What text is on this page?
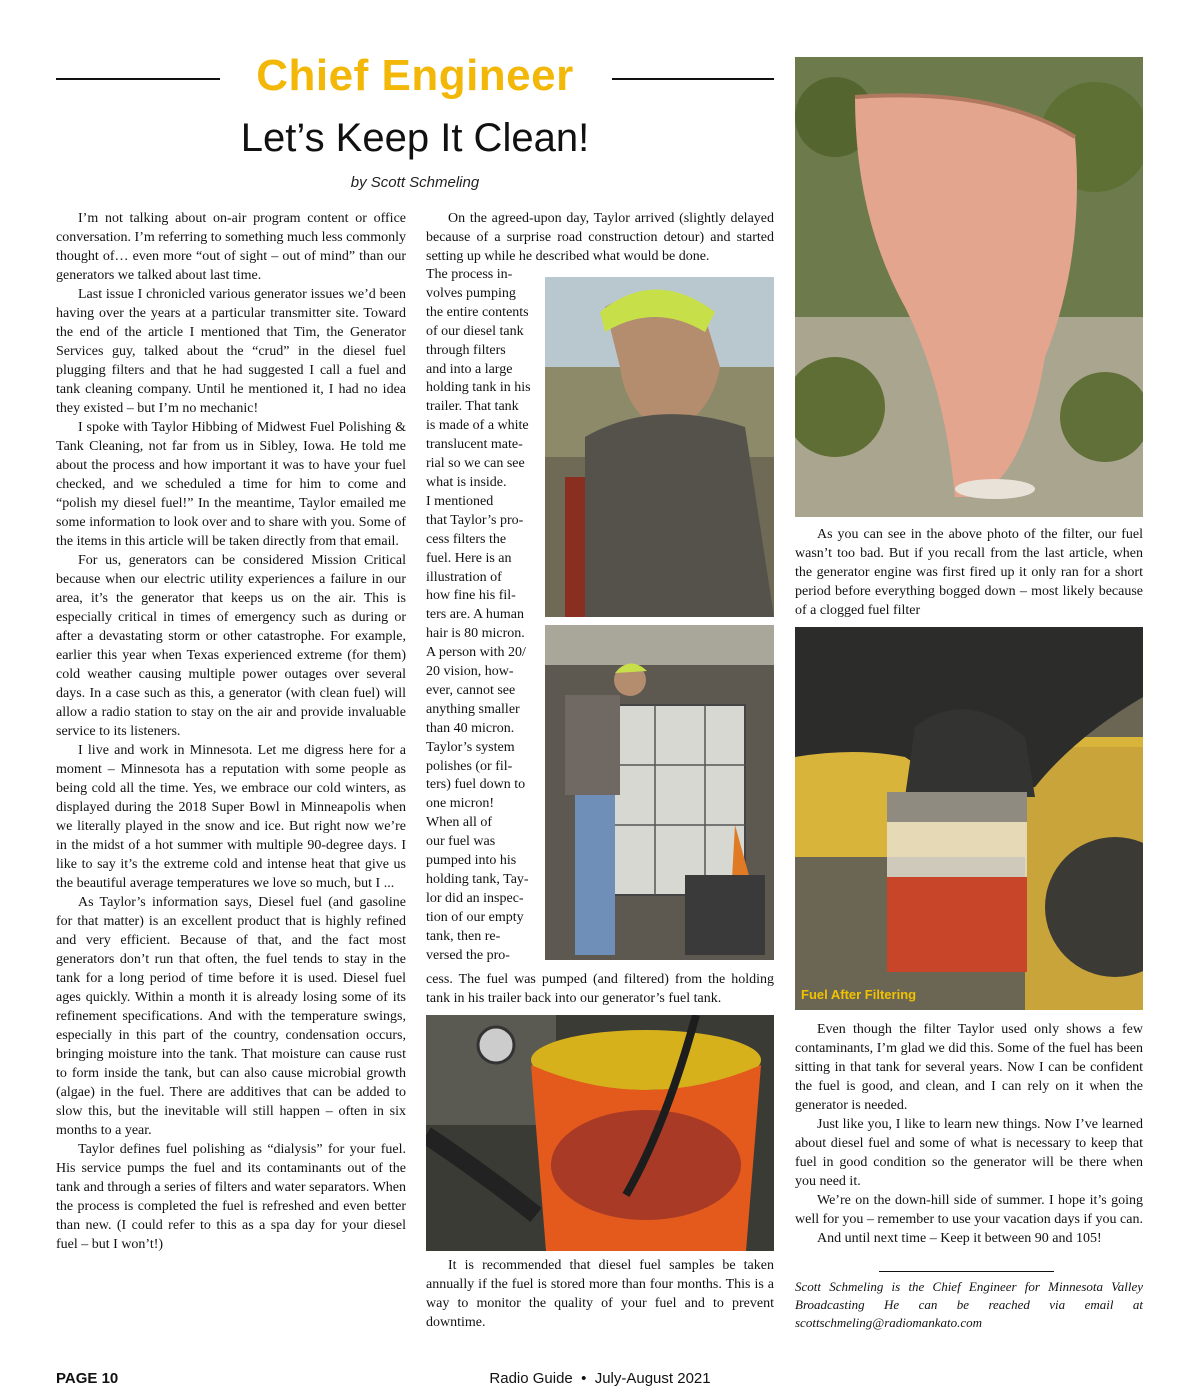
Chief Engineer
Let’s Keep It Clean!
by Scott Schmeling

I’m not talking about on-air program content or office conversation. I’m referring to something much less commonly thought of… even more “out of sight – out of mind” than our generators we talked about last time.

Last issue I chronicled various generator issues we’d been having over the years at a particular transmitter site. Toward the end of the article I mentioned that Tim, the Generator Services guy, talked about the “crud” in the diesel fuel plugging filters and that he had suggested I call a fuel and tank cleaning company. Until he mentioned it, I had no idea they existed – but I’m no mechanic!

I spoke with Taylor Hibbing of Midwest Fuel Polishing & Tank Cleaning, not far from us in Sibley, Iowa. He told me about the process and how important it was to have your fuel checked, and we scheduled a time for him to come and “polish my diesel fuel!” In the meantime, Taylor emailed me some information to look over and to share with you. Some of the items in this article will be taken directly from that email.

For us, generators can be considered Mission Critical because when our electric utility experiences a failure in our area, it’s the generator that keeps us on the air. This is especially critical in times of emergency such as during or after a devastating storm or other catastrophe. For example, earlier this year when Texas experienced extreme (for them) cold weather causing multiple power outages over several days. In a case such as this, a generator (with clean fuel) will allow a radio station to stay on the air and provide invaluable service to its listeners.

I live and work in Minnesota. Let me digress here for a moment – Minnesota has a reputation with some people as being cold all the time. Yes, we embrace our cold winters, as displayed during the 2018 Super Bowl in Minneapolis when we literally played in the snow and ice. But right now we’re in the midst of a hot summer with multiple 90-degree days. I like to say it’s the extreme cold and intense heat that give us the beautiful average temperatures we love so much, but I ...

As Taylor’s information says, Diesel fuel (and gasoline for that matter) is an excellent product that is highly refined and very efficient. Because of that, and the fact most generators don’t run that often, the fuel tends to stay in the tank for a long period of time before it is used. Diesel fuel ages quickly. Within a month it is already losing some of its refinement specifications. And with the temperature swings, especially in this part of the country, condensation occurs, bringing moisture into the tank. That moisture can cause rust to form inside the tank, but can also cause microbial growth (algae) in the fuel. There are additives that can be added to slow this, but the inevitable will still happen – often in six months to a year.

Taylor defines fuel polishing as “dialysis” for your fuel. His service pumps the fuel and its contaminants out of the tank and through a series of filters and water separators. When the process is completed the fuel is refreshed and even better than new. (I could refer to this as a spa day for your diesel fuel – but I won’t!)

On the agreed-upon day, Taylor arrived (slightly delayed because of a surprise road construction detour) and started setting up while he described what would be done.

The process in-
volves pumping
the entire contents
of our diesel tank
through filters
and into a large
holding tank in his
trailer. That tank
is made of a white
translucent mate-
rial so we can see
what is inside.
I mentioned
that Taylor’s pro-
cess filters the
fuel. Here is an
illustration of
how fine his fil-
ters are. A human
hair is 80 micron.
A person with 20/
20 vision, how-
ever, cannot see
anything smaller
than 40 micron.
Taylor’s system
polishes (or fil-
ters) fuel down to
one micron!
When all of
our fuel was
pumped into his
holding tank, Tay-
lor did an inspec-
tion of our empty
tank, then re-
versed the pro-

cess. The fuel was pumped (and filtered) from the holding tank in his trailer back into our generator’s fuel tank.

It is recommended that diesel fuel samples be taken annually if the fuel is stored more than four months. This is a way to monitor the quality of your fuel and to prevent downtime.
As you can see in the above photo of the filter, our fuel wasn’t too bad. But if you recall from the last article, when the generator engine was first fired up it only ran for a short period before everything bogged down – most likely because of a clogged fuel filter
Fuel After Filtering

Even though the filter Taylor used only shows a few contaminants, I’m glad we did this. Some of the fuel has been sitting in that tank for several years. Now I can be confident the fuel is good, and clean, and I can rely on it when the generator is needed.

Just like you, I like to learn new things. Now I’ve learned about diesel fuel and some of what is necessary to keep that fuel in good condition so the generator will be there when you need it.

We’re on the down-hill side of summer. I hope it’s going well for you – remember to use your vacation days if you can.

And until next time – Keep it between 90 and 105!

Scott Schmeling is the Chief Engineer for Minnesota Valley Broadcasting He can be reached via email at scottschmeling@radiomankato.com
PAGE 10	Radio Guide  •  July-August 2021
